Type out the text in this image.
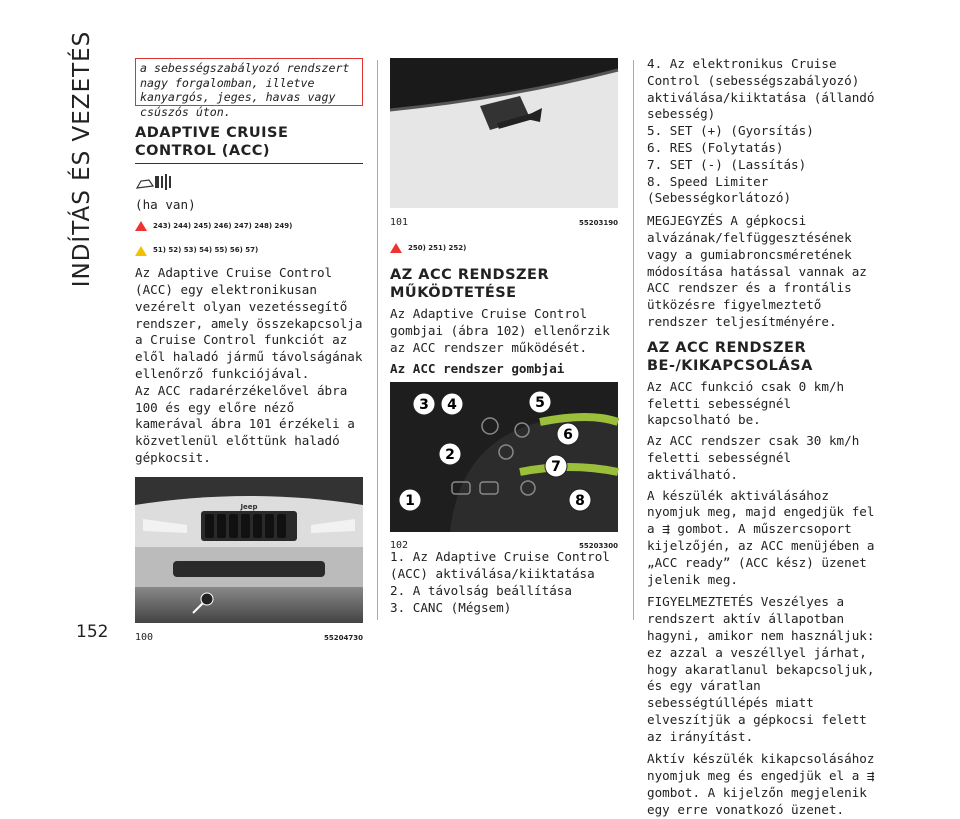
INDÍTÁS ÉS VEZETÉS
152
a sebességszabályozó rendszert nagy forgalomban, illetve kanyargós, jeges, havas vagy csúszós úton.
ADAPTIVE CRUISE
CONTROL (ACC)

(ha van)

243) 244) 245) 246) 247) 248) 249)
51) 52) 53) 54) 55) 56) 57)

Az Adaptive Cruise Control (ACC) egy elektronikusan vezérelt olyan vezetéssegítő rendszer, amely összekapcsolja a Cruise Control funkciót az elől haladó jármű távolságának ellenőrző funkciójával.

Az ACC radarérzékelővel ábra 100 és egy előre néző kamerával ábra 101 érzékeli a közvetlenül előttünk haladó gépkocsit.

Jeep
100	55204730
101	55203190
250) 251) 252)
AZ ACC RENDSZER
MŰKÖDTETÉSE

Az Adaptive Cruise Control gombjai (ábra 102) ellenőrzik az ACC rendszer működését.

Az ACC rendszer gombjai
3 4	5
6
2
7
1	8
102	55203300

1. Az Adaptive Cruise Control (ACC) aktiválása/kiiktatása

2. A távolság beállítása

3. CANC (Mégsem)

4. Az elektronikus Cruise Control (sebességszabályozó) aktiválása/kiiktatása (állandó sebesség)

5. SET (+) (Gyorsítás)

6. RES (Folytatás)

7. SET (-) (Lassítás)

8. Speed Limiter (Sebességkorlátozó)

MEGJEGYZÉS A gépkocsi alvázának/felfüggesztésének vagy a gumiabroncsméretének módosítása hatással vannak az ACC rendszer és a frontális ütközésre figyelmeztető rendszer teljesítményére.

AZ ACC RENDSZER
BE-/KIKAPCSOLÁSA

Az ACC funkció csak 0 km/h feletti sebességnél kapcsolható be.

Az ACC rendszer csak 30 km/h feletti sebességnél aktiválható.

A készülék aktiválásához nyomjuk meg, majd engedjük fel a ⇶ gombot. A műszercsoport kijelzőjén, az ACC menüjében a „ACC ready” (ACC kész) üzenet jelenik meg.

FIGYELMEZTETÉS Veszélyes a rendszert aktív állapotban hagyni, amikor nem használjuk: ez azzal a veszéllyel járhat, hogy akaratlanul bekapcsoljuk, és egy váratlan sebességtúllépés miatt elveszítjük a gépkocsi felett az irányítást.

Aktív készülék kikapcsolásához nyomjuk meg és engedjük el a ⇶ gombot. A kijelzőn megjelenik egy erre vonatkozó üzenet.
